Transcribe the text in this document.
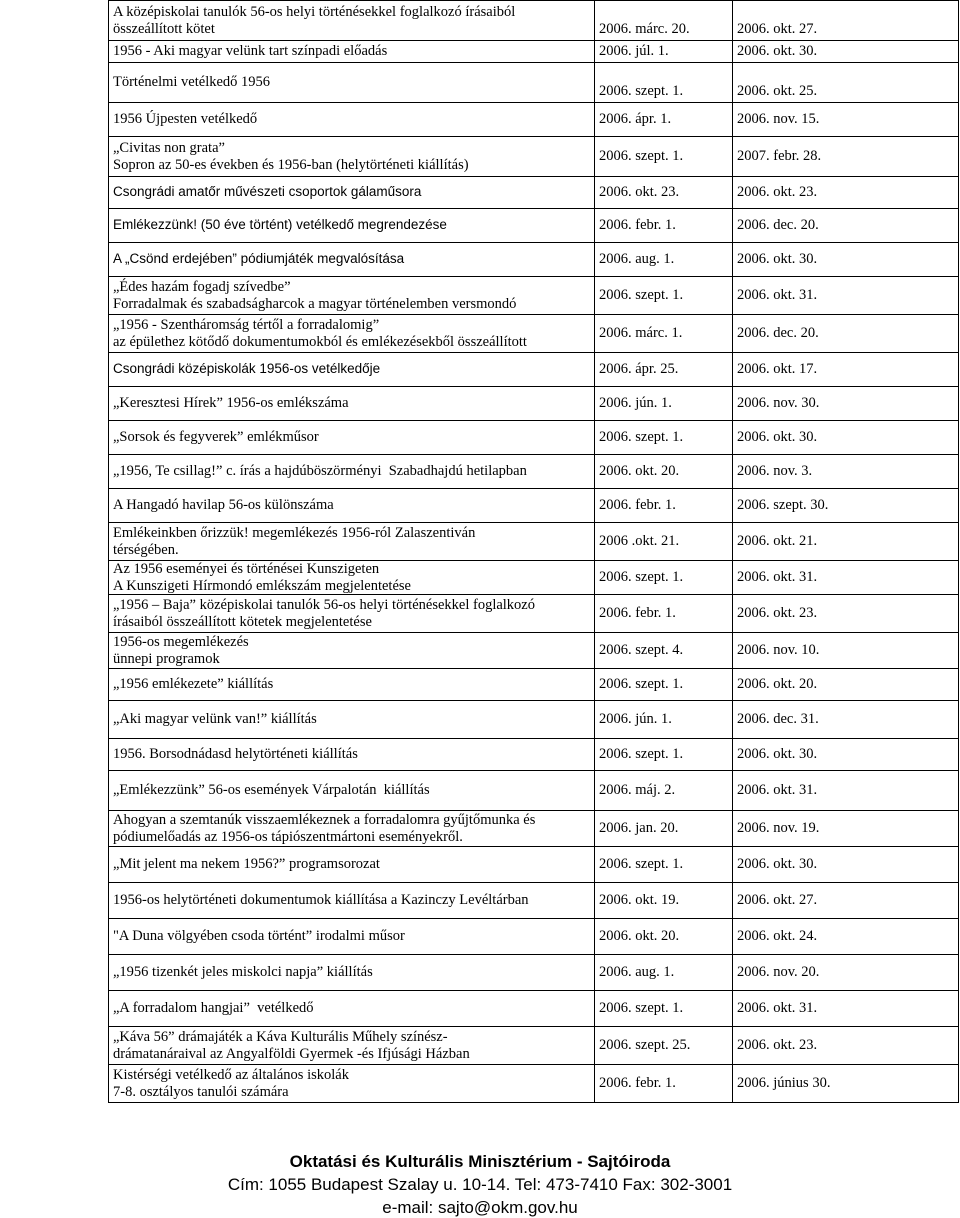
A középiskolai tanulók 56-os helyi történésekkel foglalkozó írásaiból
összeállított kötet	2006. márc. 20.	2006. okt. 27.
1956 - Aki magyar velünk tart színpadi előadás	2006. júl. 1.	2006. okt. 30.
Történelmi vetélkedő 1956	2006. szept. 1.	2006. okt. 25.
1956 Újpesten vetélkedő	2006. ápr. 1.	2006. nov. 15.
„Civitas non grata”
Sopron az 50-es években és 1956-ban (helytörténeti kiállítás)	2006. szept. 1.	2007. febr. 28.
Csongrádi amatőr művészeti csoportok gálaműsora	2006. okt. 23.	2006. okt. 23.
Emlékezzünk! (50 éve történt) vetélkedő megrendezése	2006. febr. 1.	2006. dec. 20.
A „Csönd erdejében” pódiumjáték megvalósítása	2006. aug. 1.	2006. okt. 30.
„Édes hazám fogadj szívedbe”
Forradalmak és szabadságharcok a magyar történelemben versmondó	2006. szept. 1.	2006. okt. 31.
„1956 - Szentháromság tértől a forradalomig”
az épülethez kötődő dokumentumokból és emlékezésekből összeállított	2006. márc. 1.	2006. dec. 20.
Csongrádi középiskolák 1956-os vetélkedője	2006. ápr. 25.	2006. okt. 17.
„Keresztesi Hírek” 1956-os emlékszáma	2006. jún. 1.	2006. nov. 30.
„Sorsok és fegyverek” emlékműsor	2006. szept. 1.	2006. okt. 30.
„1956, Te csillag!” c. írás a hajdúböszörményi  Szabadhajdú hetilapban	2006. okt. 20.	2006. nov. 3.
A Hangadó havilap 56-os különszáma	2006. febr. 1.	2006. szept. 30.
Emlékeinkben őrizzük! megemlékezés 1956-ról Zalaszentiván
térségében.	2006 .okt. 21.	2006. okt. 21.
Az 1956 eseményei és történései Kunszigeten
A Kunszigeti Hírmondó emlékszám megjelentetése	2006. szept. 1.	2006. okt. 31.
„1956 – Baja” középiskolai tanulók 56-os helyi történésekkel foglalkozó
írásaiból összeállított kötetek megjelentetése	2006. febr. 1.	2006. okt. 23.
1956-os megemlékezés
ünnepi programok	2006. szept. 4.	2006. nov. 10.
„1956 emlékezete” kiállítás	2006. szept. 1.	2006. okt. 20.
„Aki magyar velünk van!” kiállítás	2006. jún. 1.	2006. dec. 31.
1956. Borsodnádasd helytörténeti kiállítás	2006. szept. 1.	2006. okt. 30.
„Emlékezzünk” 56-os események Várpalotán  kiállítás	2006. máj. 2.	2006. okt. 31.
Ahogyan a szemtanúk visszaemlékeznek a forradalomra gyűjtőmunka és
pódiumelőadás az 1956-os tápiószentmártoni eseményekről.	2006. jan. 20.	2006. nov. 19.
„Mit jelent ma nekem 1956?” programsorozat	2006. szept. 1.	2006. okt. 30.
1956-os helytörténeti dokumentumok kiállítása a Kazinczy Levéltárban	2006. okt. 19.	2006. okt. 27.
"A Duna völgyében csoda történt” irodalmi műsor	2006. okt. 20.	2006. okt. 24.
„1956 tizenkét jeles miskolci napja” kiállítás	2006. aug. 1.	2006. nov. 20.
„A forradalom hangjai”  vetélkedő	2006. szept. 1.	2006. okt. 31.
„Káva 56” drámajáték a Káva Kulturális Műhely színész-
drámatanáraival az Angyalföldi Gyermek -és Ifjúsági Házban	2006. szept. 25.	2006. okt. 23.
Kistérségi vetélkedő az általános iskolák
7-8. osztályos tanulói számára	2006. febr. 1.	2006. június 30.
Oktatási és Kulturális Minisztérium - Sajtóiroda
Cím: 1055 Budapest Szalay u. 10-14. Tel: 473-7410 Fax: 302-3001
e-mail: sajto@okm.gov.hu
